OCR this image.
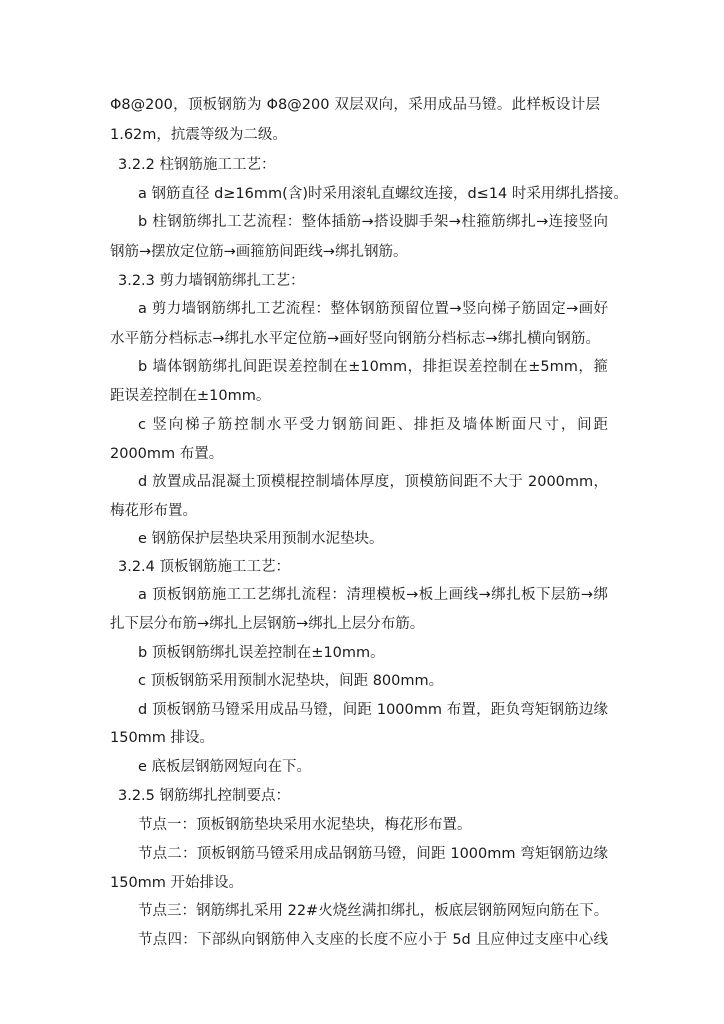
Φ8@200，顶板钢筋为 Φ8@200 双层双向，采用成品马镫。此样板设计层
1.62m，抗震等级为二级。
3.2.2 柱钢筋施工工艺：
a 钢筋直径 d≥16mm(含)时采用滚轧直螺纹连接，d≤14 时采用绑扎搭接。
b 柱钢筋绑扎工艺流程：整体插筋→搭设脚手架→柱箍筋绑扎→连接竖向
钢筋→摆放定位筋→画箍筋间距线→绑扎钢筋。
3.2.3 剪力墙钢筋绑扎工艺：
a 剪力墙钢筋绑扎工艺流程：整体钢筋预留位置→竖向梯子筋固定→画好
水平筋分档标志→绑扎水平定位筋→画好竖向钢筋分档标志→绑扎横向钢筋。
b 墙体钢筋绑扎间距误差控制在±10mm，排拒误差控制在±5mm，箍
距误差控制在±10mm。
c 竖向梯子筋控制水平受力钢筋间距、排拒及墙体断面尺寸，间距
2000mm 布置。
d 放置成品混凝土顶模棍控制墙体厚度，顶模筋间距不大于 2000mm，
梅花形布置。
e 钢筋保护层垫块采用预制水泥垫块。
3.2.4 顶板钢筋施工工艺：
a 顶板钢筋施工工艺绑扎流程：清理模板→板上画线→绑扎板下层筋→绑
扎下层分布筋→绑扎上层钢筋→绑扎上层分布筋。
b 顶板钢筋绑扎误差控制在±10mm。
c 顶板钢筋采用预制水泥垫块，间距 800mm。
d 顶板钢筋马镫采用成品马镫，间距 1000mm 布置，距负弯矩钢筋边缘
150mm 排设。
e 底板层钢筋网短向在下。
3.2.5 钢筋绑扎控制要点：
节点一：顶板钢筋垫块采用水泥垫块，梅花形布置。
节点二：顶板钢筋马镫采用成品钢筋马镫，间距 1000mm 弯矩钢筋边缘
150mm 开始排设。
节点三：钢筋绑扎采用 22#火烧丝满扣绑扎，板底层钢筋网短向筋在下。
节点四：下部纵向钢筋伸入支座的长度不应小于 5d 且应伸过支座中心线
